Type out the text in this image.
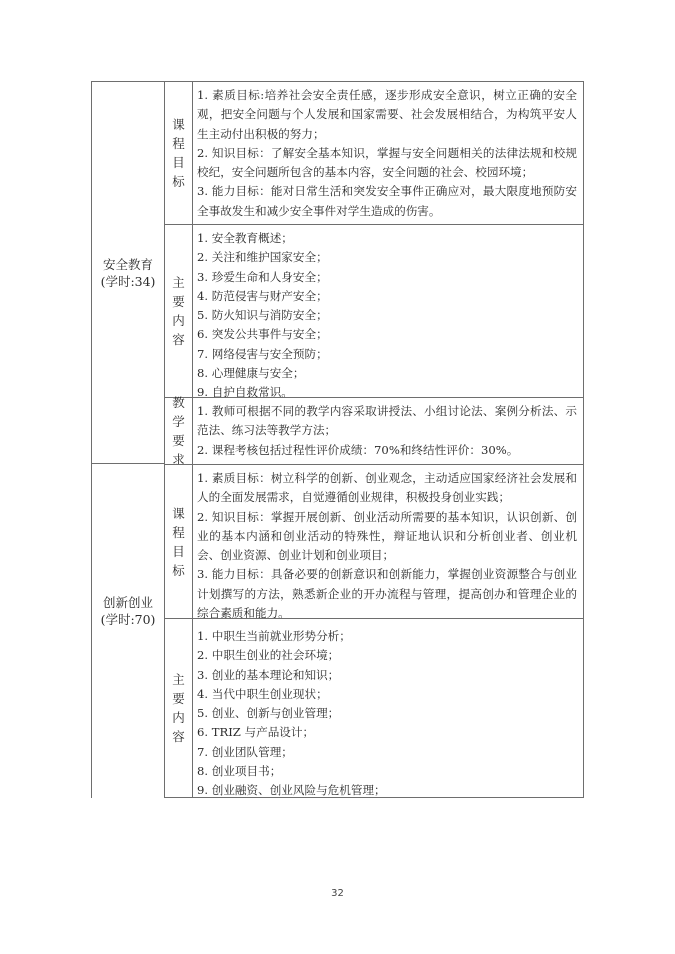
安全教育
(学时:34)
课程目标

1. 素质目标:培养社会安全责任感，逐步形成安全意识，树立正确的安全观，把安全问题与个人发展和国家需要、社会发展相结合，为构筑平安人生主动付出积极的努力；

2. 知识目标：了解安全基本知识，掌握与安全问题相关的法律法规和校规校纪，安全问题所包含的基本内容，安全问题的社会、校园环境；

3. 能力目标：能对日常生活和突发安全事件正确应对，最大限度地预防安全事故发生和减少安全事件对学生造成的伤害。

主要内容

1. 安全教育概述；

2. 关注和维护国家安全；

3. 珍爱生命和人身安全；

4. 防范侵害与财产安全；

5. 防火知识与消防安全；

6. 突发公共事件与安全；

7. 网络侵害与安全预防；

8. 心理健康与安全；

9. 自护自救常识。

教学要求

1. 教师可根据不同的教学内容采取讲授法、小组讨论法、案例分析法、示范法、练习法等教学方法；

2. 课程考核包括过程性评价成绩：70%和终结性评价：30%。

创新创业
(学时:70)
课程目标

1. 素质目标：树立科学的创新、创业观念，主动适应国家经济社会发展和人的全面发展需求，自觉遵循创业规律，积极投身创业实践；

2. 知识目标：掌握开展创新、创业活动所需要的基本知识，认识创新、创业的基本内涵和创业活动的特殊性，辩证地认识和分析创业者、创业机会、创业资源、创业计划和创业项目；

3. 能力目标：具备必要的创新意识和创新能力，掌握创业资源整合与创业计划撰写的方法，熟悉新企业的开办流程与管理，提高创办和管理企业的综合素质和能力。

主要内容

1. 中职生当前就业形势分析；

2. 中职生创业的社会环境；

3. 创业的基本理论和知识；

4. 当代中职生创业现状；

5. 创业、创新与创业管理；

6. TRIZ 与产品设计；

7. 创业团队管理；

8. 创业项目书；

9. 创业融资、创业风险与危机管理；

32
